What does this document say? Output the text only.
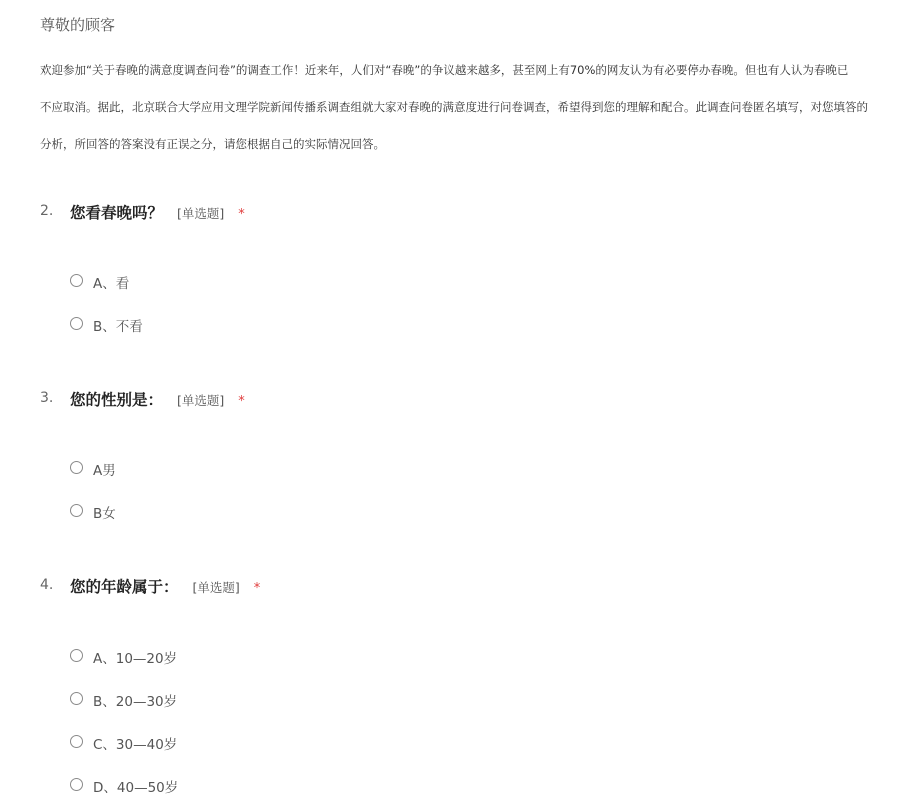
尊敬的顾客
欢迎参加“关于春晚的满意度调查问卷”的调查工作！近来年，人们对“春晚”的争议越来越多，甚至网上有70%的网友认为有必要停办春晚。但也有人认为春晚已
不应取消。据此，北京联合大学应用文理学院新闻传播系调查组就大家对春晚的满意度进行问卷调查，希望得到您的理解和配合。此调查问卷匿名填写，对您填答的
分析，所回答的答案没有正误之分，请您根据自己的实际情况回答。
2. 您看春晚吗？ [单选题] *
A、看
B、不看
3. 您的性别是： [单选题] *
A男
B女
4. 您的年龄属于： [单选题] *
A、10—20岁
B、20—30岁
C、30—40岁
D、40—50岁
